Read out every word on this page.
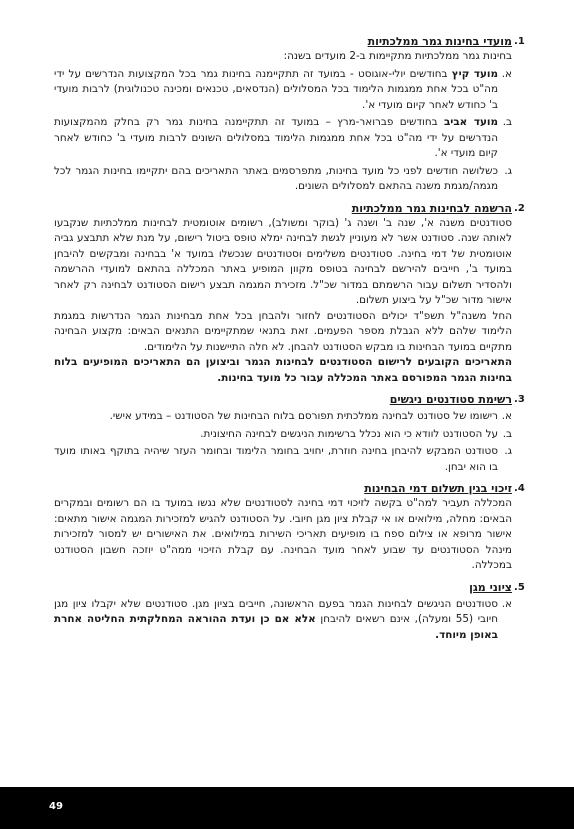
1.
מועדי בחינות גמר ממלכתיות
בחינות גמר ממלכתיות מתקיימות ב-2 מועדים בשנה:
א.
מועד קיץ בחודשים יולי-אוגוסט - במועד זה תתקיימנה בחינות גמר בכל המקצועות הנדרשים על ידי מה"ט בכל אחת ממגמות הלימוד בכל המסלולים (הנדסאים, טכנאים ומכינה טכנולוגית) לרבות מועדי ב' כחודש לאחר קיום מועדי א'.
ב.
מועד אביב בחודשים פברואר-מרץ – במועד זה תתקיימנה בחינות גמר רק בחלק מהמקצועות הנדרשים על ידי מה"ט בכל אחת ממגמות הלימוד במסלולים השונים לרבות מועדי ב' כחודש לאחר קיום מועדי א'.
ג.
כשלושה חודשים לפני כל מועד בחינות, מתפרסמים באתר התאריכים בהם יתקיימו בחינות הגמר לכל מגמה/מגמת משנה בהתאם למסלולים השונים.
2.
הרשמה לבחינות גמר ממלכתיות
סטודנטים משנה א', שנה ב' ושנה ג' (בוקר ומשולב), רשומים אוטומטית לבחינות ממלכתיות שנקבעו לאותה שנה. סטודנט אשר לא מעוניין לגשת לבחינה ימלא טופס ביטול רישום, על מנת שלא תתבצע גביה אוטומטית של דמי בחינה. סטודנטים משלימים וסטודנטים שנכשלו במועד א' בבחינה ומבקשים להיבחן במועד ב', חייבים להירשם לבחינה בטופס מקוון המופיע באתר המכללה בהתאם למועדי ההרשמה ולהסדיר תשלום עבור הרשמתם במדור שכ"ל. מזכירת המגמה תבצע רישום הסטודנט לבחינה רק לאחר אישור מדור שכ"ל על ביצוע תשלום.
החל משנה"ל תשפ"ד יכולים הסטודנטים לחזור ולהבחן בכל אחת מבחינות הגמר הנדרשות במגמת הלימוד שלהם ללא הגבלת מספר הפעמים. זאת בתנאי שמתקיימים התנאים הבאים: מקצוע הבחינה מתקיים במועד הבחינות בו מבקש הסטודנט להבחן. לא חלה התיישנות על הלימודים.
התאריכים הקובעים לרישום הסטודנטים לבחינות הגמר וביצוען הם התאריכים המופיעים בלוח בחינות הגמר המפורסם באתר המכללה עבור כל מועד בחינות.
3.
רשימת סטודנטים ניגשים
א.
רישומו של סטודנט לבחינה ממלכתית תפורסם בלוח הבחינות של הסטודנט – במידע אישי.
ב.
על הסטודנט לוודא כי הוא נכלל ברשימות הניגשים לבחינה החיצונית.
ג.
סטודנט המבקש להיבחן בחינה חוזרת, יחויב בחומר הלימוד ובחומר העזר שיהיה בתוקף באותו מועד בו הוא יבחן.
4.
זיכוי בגין תשלום דמי הבחינות
המכללה תעביר למה"ט בקשה לזיכוי דמי בחינה לסטודנטים שלא נגשו במועד בו הם רשומים ובמקרים הבאים: מחלה, מילואים או אי קבלת ציון מגן חיובי. על הסטודנט להגיש למזכירות המגמה אישור מתאים: אישור מרופא או צילום ספח בו מופיעים תאריכי השירות במילואים. את האישורים יש למסור למזכירות מינהל הסטודנטים עד שבוע לאחר מועד הבחינה. עם קבלת הזיכוי ממה"ט יוזכה חשבון הסטודנט במכללה.
5.
ציוני מגן
א.
סטודנטים הניגשים לבחינות הגמר בפעם הראשונה, חייבים בציון מגן. סטודנטים שלא יקבלו ציון מגן חיובי (55 ומעלה), אינם רשאים להיבחן אלא אם כן ועדת ההוראה המחלקתית החליטה אחרת באופן מיוחד.
49
